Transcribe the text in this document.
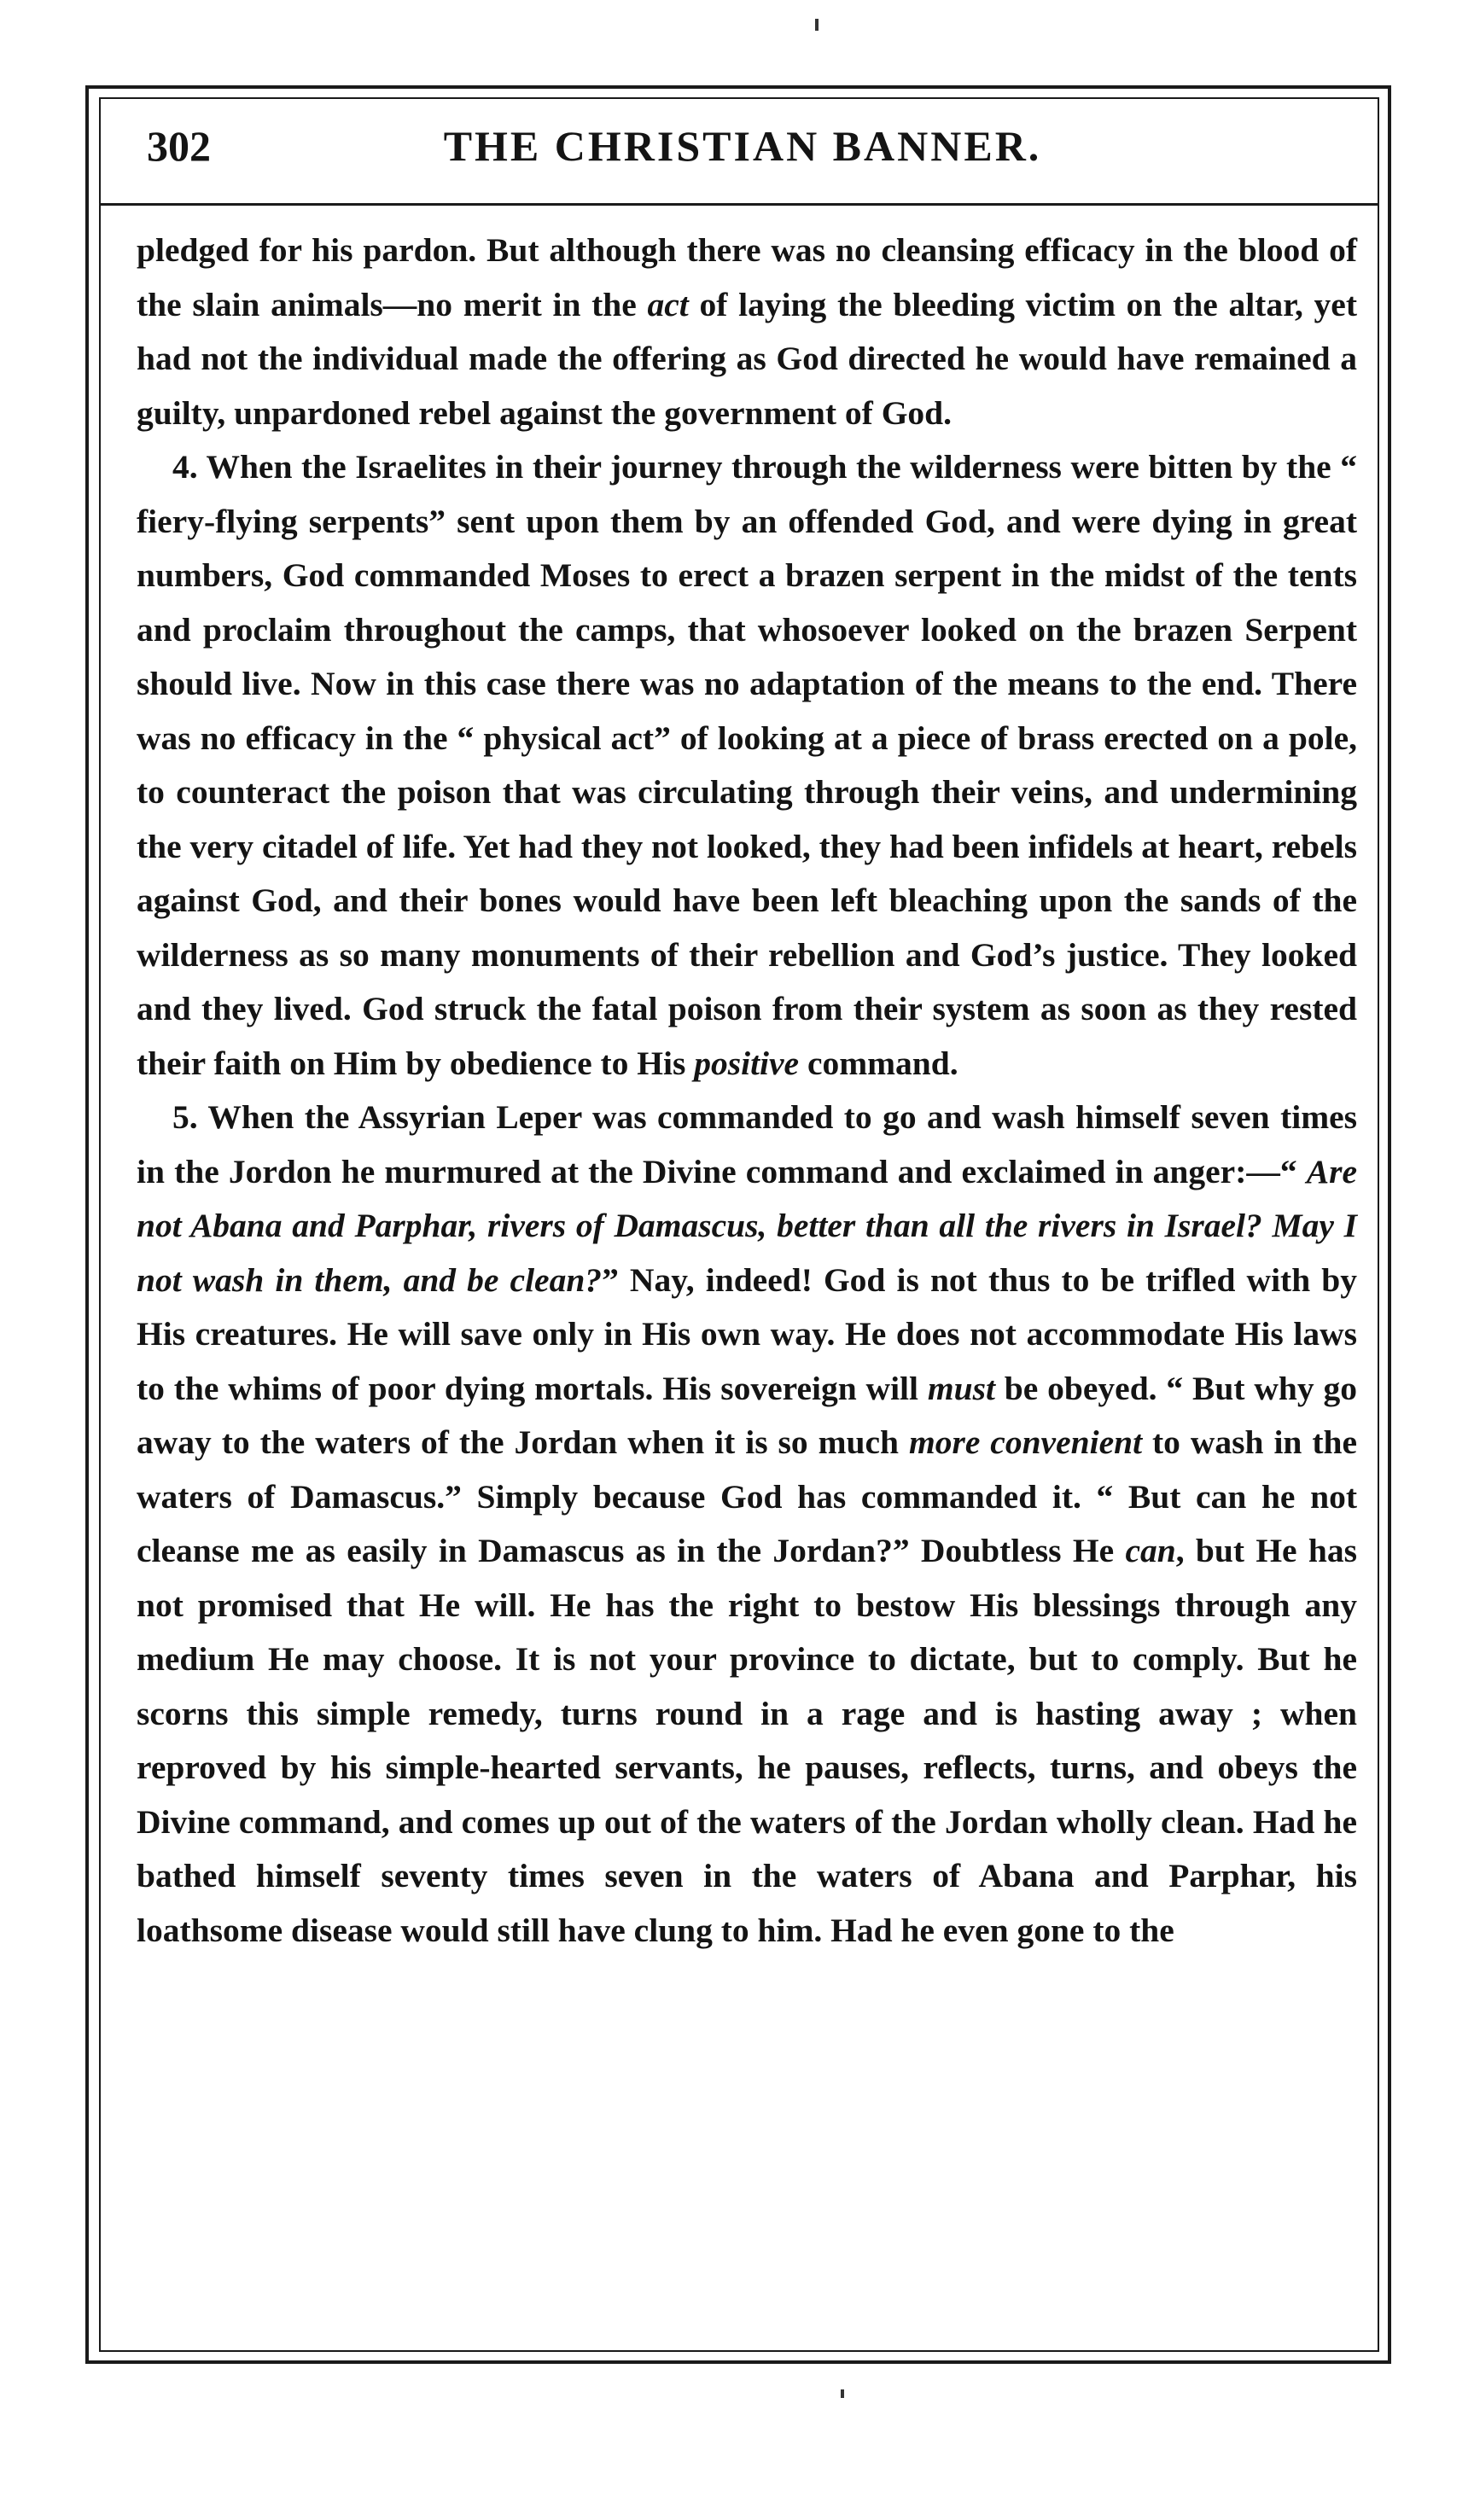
302	THE CHRISTIAN BANNER.

pledged for his pardon. But although there was no cleansing efficacy in the blood of the slain animals—no merit in the act of laying the bleeding victim on the altar, yet had not the individual made the offering as God directed he would have remained a guilty, unpardoned rebel against the government of God.

4. When the Israelites in their journey through the wilderness were bitten by the “ fiery-flying serpents” sent upon them by an offended God, and were dying in great numbers, God commanded Moses to erect a brazen serpent in the midst of the tents and proclaim throughout the camps, that whosoever looked on the brazen Serpent should live. Now in this case there was no adaptation of the means to the end. There was no efficacy in the “ physical act” of looking at a piece of brass erected on a pole, to counteract the poison that was circulating through their veins, and undermining the very citadel of life. Yet had they not looked, they had been infidels at heart, rebels against God, and their bones would have been left bleaching upon the sands of the wilderness as so many monuments of their rebellion and God’s justice. They looked and they lived. God struck the fatal poison from their system as soon as they rested their faith on Him by obedience to His positive command.

5. When the Assyrian Leper was commanded to go and wash himself seven times in the Jordon he murmured at the Divine command and exclaimed in anger:—“ Are not Abana and Parphar, rivers of Damascus, better than all the rivers in Israel? May I not wash in them, and be clean?” Nay, indeed! God is not thus to be trifled with by His creatures. He will save only in His own way. He does not accommodate His laws to the whims of poor dying mortals. His sovereign will must be obeyed. “ But why go away to the waters of the Jordan when it is so much more convenient to wash in the waters of Damascus.” Simply because God has commanded it. “ But can he not cleanse me as easily in Damascus as in the Jordan?” Doubtless He can, but He has not promised that He will. He has the right to bestow His blessings through any medium He may choose. It is not your province to dictate, but to comply. But he scorns this simple remedy, turns round in a rage and is hasting away ; when reproved by his simple-hearted servants, he pauses, reflects, turns, and obeys the Divine command, and comes up out of the waters of the Jordan wholly clean. Had he bathed himself seventy times seven in the waters of Abana and Parphar, his loathsome disease would still have clung to him. Had he even gone to the
